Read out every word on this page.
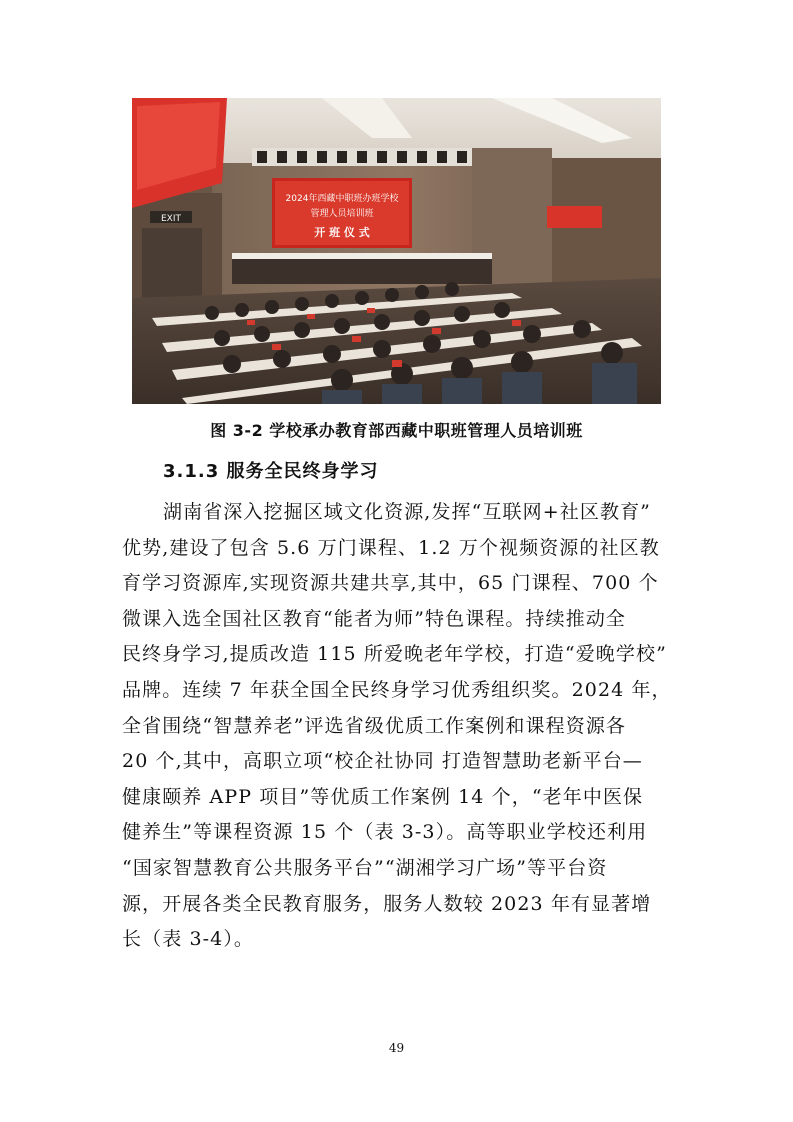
EXIT
2024年西藏中职班办班学校
管理人员培训班
开 班 仪 式
图 3-2 学校承办教育部西藏中职班管理人员培训班
3.1.3 服务全民终身学习
湖南省深入挖掘区域文化资源,发挥“互联网+社区教育”
优势,建设了包含 5.6 万门课程、1.2 万个视频资源的社区教
育学习资源库,实现资源共建共享,其中，65 门课程、700 个
微课入选全国社区教育“能者为师”特色课程。持续推动全
民终身学习,提质改造 115 所爱晚老年学校，打造“爱晚学校”
品牌。连续 7 年获全国全民终身学习优秀组织奖。2024 年，
全省围绕“智慧养老”评选省级优质工作案例和课程资源各
20 个,其中，高职立项“校企社协同 打造智慧助老新平台—
健康颐养 APP 项目”等优质工作案例 14 个，“老年中医保
健养生”等课程资源 15 个（表 3-3）。高等职业学校还利用
“国家智慧教育公共服务平台”“湖湘学习广场”等平台资
源，开展各类全民教育服务，服务人数较 2023 年有显著增
长（表 3-4）。
49
